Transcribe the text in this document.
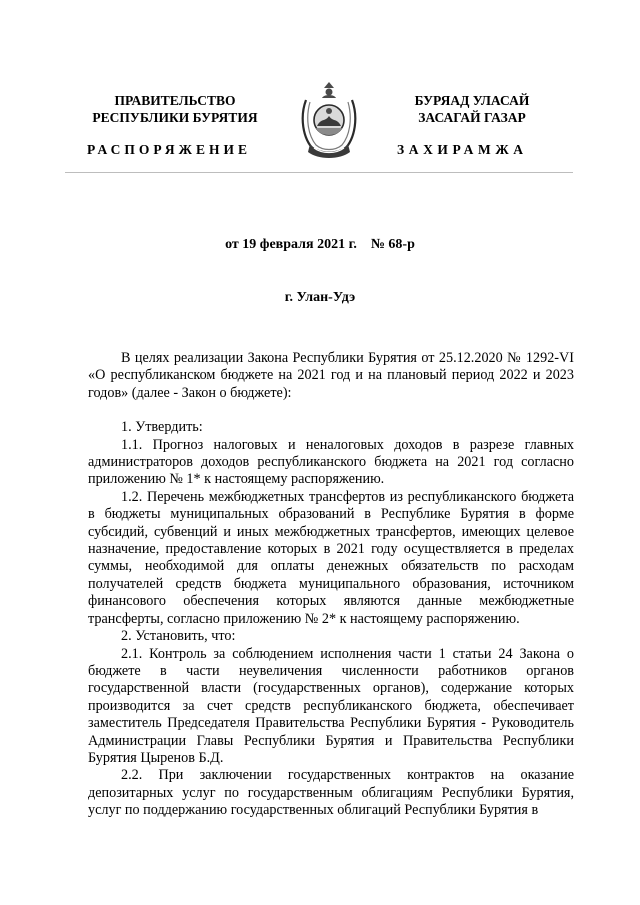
ПРАВИТЕЛЬСТВО
РЕСПУБЛИКИ БУРЯТИЯ
БУРЯАД УЛАСАЙ
ЗАСАГАЙ ГАЗАР
РАСПОРЯЖЕНИЕ	ЗАХИРАМЖА
от 19 февраля 2021 г.    № 68-р
г. Улан-Удэ

В целях реализации Закона Республики Бурятия от 25.12.2020 № 1292-VI «О республиканском бюджете на 2021 год и на плановый период 2022 и 2023 годов» (далее - Закон о бюджете):

1. Утвердить:

1.1. Прогноз налоговых и неналоговых доходов в разрезе главных администраторов доходов республиканского бюджета на 2021 год согласно приложению № 1* к настоящему распоряжению.

1.2. Перечень межбюджетных трансфертов из республиканского бюджета в бюджеты муниципальных образований в Республике Бурятия в форме субсидий, субвенций и иных межбюджетных трансфертов, имеющих целевое назначение, предоставление которых в 2021 году осуществляется в пределах суммы, необходимой для оплаты денежных обязательств по расходам получателей средств бюджета муниципального образования, источником финансового обеспечения которых являются данные межбюджетные трансферты, согласно приложению № 2* к настоящему распоряжению.

2. Установить, что:

2.1. Контроль за соблюдением исполнения части 1 статьи 24 Закона о бюджете в части неувеличения численности работников органов государственной власти (государственных органов), содержание которых производится за счет средств республиканского бюджета, обеспечивает заместитель Председателя Правительства Республики Бурятия - Руководитель Администрации Главы Республики Бурятия и Правительства Республики Бурятия Цыренов Б.Д.

2.2. При заключении государственных контрактов на оказание депозитарных услуг по государственным облигациям Республики Бурятия, услуг по поддержанию государственных облигаций Республики Бурятия в
